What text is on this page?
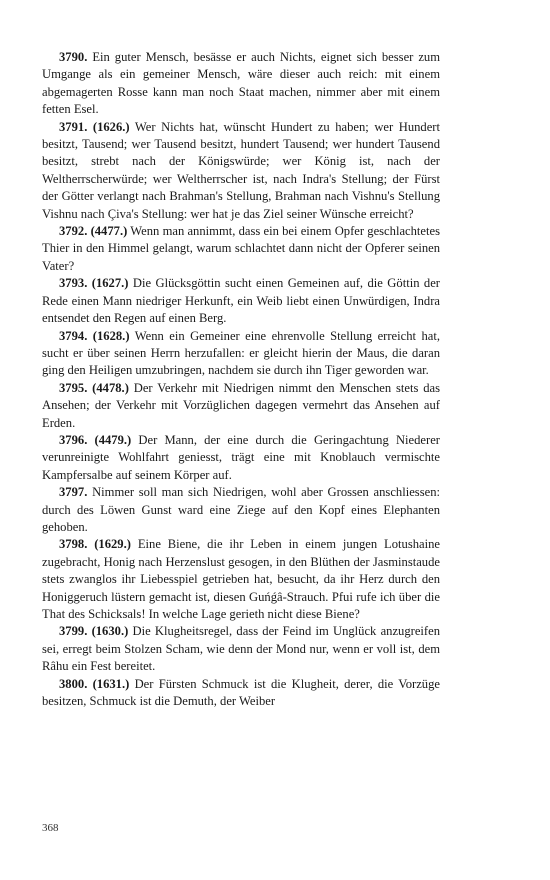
3790. Ein guter Mensch, besässe er auch Nichts, eignet sich besser zum Umgange als ein gemeiner Mensch, wäre dieser auch reich: mit einem abgemagerten Rosse kann man noch Staat machen, nimmer aber mit einem fetten Esel.

3791. (1626.) Wer Nichts hat, wünscht Hundert zu haben; wer Hundert besitzt, Tausend; wer Tausend besitzt, hundert Tausend; wer hundert Tausend besitzt, strebt nach der Königswürde; wer König ist, nach der Weltherrscherwürde; wer Weltherrscher ist, nach Indra's Stellung; der Fürst der Götter verlangt nach Brahman's Stellung, Brahman nach Vishnu's Stellung Vishnu nach Çiva's Stellung: wer hat je das Ziel seiner Wünsche erreicht?

3792. (4477.) Wenn man annimmt, dass ein bei einem Opfer geschlachtetes Thier in den Himmel gelangt, warum schlachtet dann nicht der Opferer seinen Vater?

3793. (1627.) Die Glücksgöttin sucht einen Gemeinen auf, die Göttin der Rede einen Mann niedriger Herkunft, ein Weib liebt einen Unwürdigen, Indra entsendet den Regen auf einen Berg.

3794. (1628.) Wenn ein Gemeiner eine ehrenvolle Stellung erreicht hat, sucht er über seinen Herrn herzufallen: er gleicht hierin der Maus, die daran ging den Heiligen umzubringen, nachdem sie durch ihn Tiger geworden war.

3795. (4478.) Der Verkehr mit Niedrigen nimmt den Menschen stets das Ansehen; der Verkehr mit Vorzüglichen dagegen vermehrt das Ansehen auf Erden.

3796. (4479.) Der Mann, der eine durch die Geringachtung Niederer verunreinigte Wohlfahrt geniesst, trägt eine mit Knoblauch vermischte Kampfersalbe auf seinem Körper auf.

3797. Nimmer soll man sich Niedrigen, wohl aber Grossen anschliessen: durch des Löwen Gunst ward eine Ziege auf den Kopf eines Elephanten gehoben.

3798. (1629.) Eine Biene, die ihr Leben in einem jungen Lotushaine zugebracht, Honig nach Herzenslust gesogen, in den Blüthen der Jasminstaude stets zwanglos ihr Liebesspiel getrieben hat, besucht, da ihr Herz durch den Honiggeruch lüstern gemacht ist, diesen Guńǵâ-Strauch. Pfui rufe ich über die That des Schicksals! In welche Lage gerieth nicht diese Biene?

3799. (1630.) Die Klugheitsregel, dass der Feind im Unglück anzugreifen sei, erregt beim Stolzen Scham, wie denn der Mond nur, wenn er voll ist, dem Râhu ein Fest bereitet.

3800. (1631.) Der Fürsten Schmuck ist die Klugheit, derer, die Vorzüge besitzen, Schmuck ist die Demuth, der Weiber

368
